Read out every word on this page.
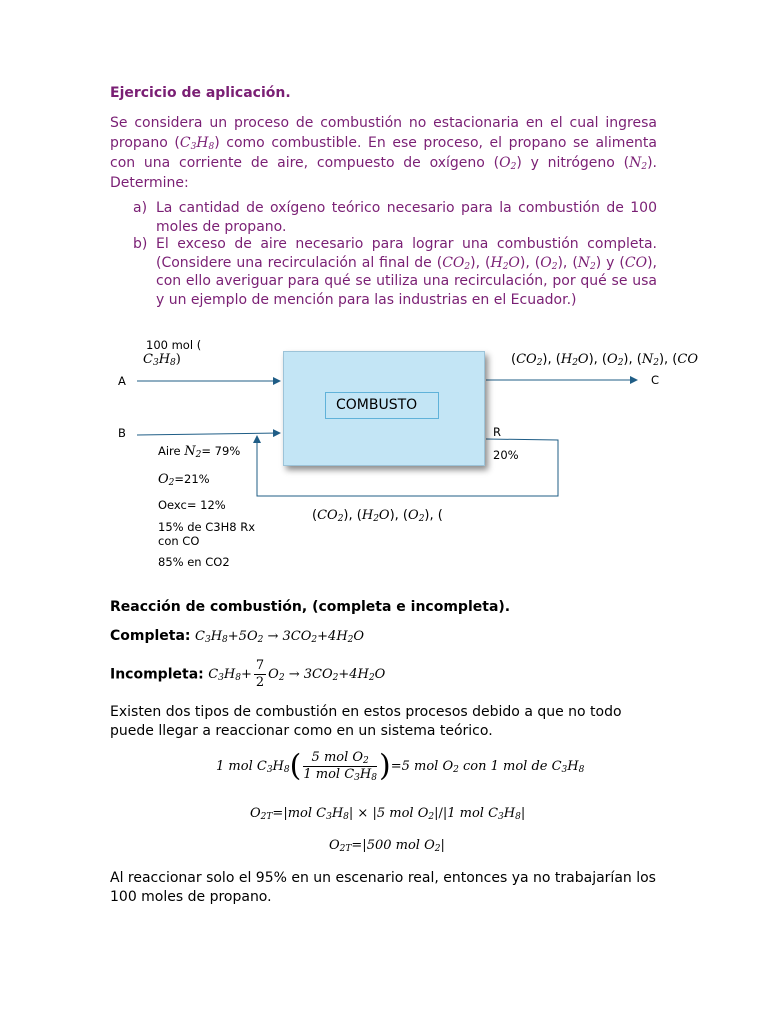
Ejercicio de aplicación.
Se considera un proceso de combustión no estacionaria en el cual ingresa propano $(C_3H_8)$ como combustible. En ese proceso, el propano se alimenta con una corriente de aire, compuesto de oxígeno $(O_2)$ y nitrógeno $(N_2)$. Determine:
a) La cantidad de oxígeno teórico necesario para la combustión de 100 moles de propano.
b) El exceso de aire necesario para lograr una combustión completa. (Considere una recirculación al final de $(CO_2)$, $(H_2O)$, $(O_2)$, $(N_2)$ y (CO), con ello averiguar para qué se utiliza una recirculación, por qué se usa y un ejemplo de mención para las industrias en el Ecuador.)
COMBUSTO
100 mol (
$C_3H_8$)
A
B
C
R
20%
$(CO_2)$, $(H_2O)$, $(O_2)$, $(N_2)$, (CO
$(CO_2)$, $(H_2O)$, $(O_2)$, (
Aire $N_2= 79\%$
$O_2=21\%$
Oexc= 12%
15% de C3H8 Rx con CO
85% en CO2
Reacción de combustión, (completa e incompleta).
Completa: $C_3H_8+5O_2 \to 3CO_2+4H_2O$
Incompleta: $C_3H_8+ \frac{7}{2} O_2 \to 3CO_2+4H_2O$
Existen dos tipos de combustión en estos procesos debido a que no todo puede llegar a reaccionar como en un sistema teórico.
1 mol $C_3H_8( \frac{5 mol O_2}{1 mol C_3H_8} )=5$ mol $O_2$ con 1 mol de $C_3H_8$
$O_{2T}=|mol$ $C_3H_8| \times |5$ mol $O_2|/|1$ mol $C_3H_8|$
$O_{2T}=|500$ mol $O_2|$
Al reaccionar solo el 95% en un escenario real, entonces ya no trabajarían los 100 moles de propano.
